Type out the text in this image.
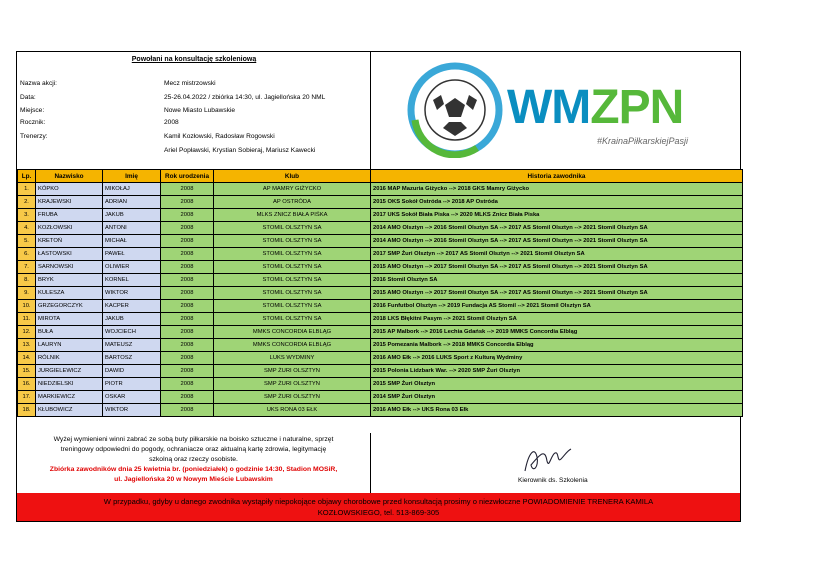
Powołani na konsultację szkoleniową
Nazwa akcji:	Mecz mistrzowski
Data:	25-26.04.2022 / zbiórka 14:30, ul. Jagiellońska 20 NML
Miejsce:	Nowe Miasto Lubawskie
Rocznik:	2008
Trenerzy:	Kamil Kozłowski, Radosław Rogowski
Ariel Popławski, Krystian Sobieraj, Mariusz Kawecki
WMZPN
#KrainaPiłkarskiejPasji
Lp.	Nazwisko	Imię	Rok urodzenia	Klub	Historia zawodnika
1.	KÓPKO	MIKOŁAJ	2008	AP MAMRY GIŻYCKO	2016 MAP Mazuria Giżycko --> 2018 GKS Mamry Giżycko
2.	KRAJEWSKI	ADRIAN	2008	AP OSTRÓDA	2015 OKS Sokół Ostróda --> 2018 AP Ostróda
3.	FRUBA	JAKUB	2008	MLKS ZNICZ BIAŁA PIŚKA	2017 UKS Sokół Biała Piska --> 2020 MLKS Znicz Biała Piska
4.	KOZŁOWSKI	ANTONI	2008	STOMIL OLSZTYN SA	2014 AMO Olsztyn --> 2016 Stomil Olsztyn SA --> 2017 AS Stomil Olsztyn --> 2021 Stomil Olsztyn SA
5.	KRETOŃ	MICHAŁ	2008	STOMIL OLSZTYN SA	2014 AMO Olsztyn --> 2016 Stomil Olsztyn SA --> 2017 AS Stomil Olsztyn --> 2021 Stomil Olsztyn SA
6.	ŁASTOWSKI	PAWEŁ	2008	STOMIL OLSZTYN SA	2017 SMP Żuri Olsztyn --> 2017 AS Stomil Olsztyn --> 2021 Stomil Olsztyn SA
7.	SARNOWSKI	OLIWIER	2008	STOMIL OLSZTYN SA	2015 AMO Olsztyn --> 2017 Stomil Olsztyn SA --> 2017 AS Stomil Olsztyn --> 2021 Stomil Olsztyn SA
8.	BRYK	KORNEL	2008	STOMIL OLSZTYN SA	2016 Stomil Olsztyn SA
9.	KULESZA	WIKTOR	2008	STOMIL OLSZTYN SA	2015 AMO Olsztyn --> 2017 Stomil Olsztyn SA --> 2017 AS Stomil Olsztyn --> 2021 Stomil Olsztyn SA
10.	GRZEGORCZYK	KACPER	2008	STOMIL OLSZTYN SA	2016 Funfutbol Olsztyn --> 2019 Fundacja AS Stomil --> 2021 Stomil Olsztyn SA
11.	MIROTA	JAKUB	2008	STOMIL OLSZTYN SA	2018 LKS Błękitni Pasym --> 2021 Stomil Olsztyn SA
12.	BUŁA	WOJCIECH	2008	MMKS CONCORDIA ELBLĄG	2015 AP Malbork --> 2016 Lechia Gdańsk --> 2019 MMKS Concordia Elbląg
13.	LAURYN	MATEUSZ	2008	MMKS CONCORDIA ELBLĄG	2015 Pomezania Malbork --> 2018 MMKS Concordia Elbląg
14.	RÓLNIK	BARTOSZ	2008	LUKS WYDMINY	2016 AMO Ełk --> 2016 LUKS Sport z Kulturą Wydminy
15.	JURGIELEWICZ	DAWID	2008	SMP ŻURI OLSZTYN	2015 Polonia Lidzbark War. --> 2020 SMP Żuri Olsztyn
16.	NIEDZIELSKI	PIOTR	2008	SMP ŻURI OLSZTYN	2015 SMP Żuri Olsztyn
17.	MARKIEWICZ	OSKAR	2008	SMP ŻURI OLSZTYN	2014 SMP Żuri Olsztyn
18.	KŁUBOWICZ	WIKTOR	2008	UKS RONA 03 EŁK	2016 AMO Ełk --> UKS Rona 03 Ełk

Wyżej wymienieni winni zabrać ze sobą buty piłkarskie na boisko sztuczne i naturalne, sprzęt

treningowy odpowiedni do pogody, ochraniacze oraz aktualną kartę zdrowia, legitymację

szkolną oraz rzeczy osobiste.

Zbiórka zawodników dnia 25 kwietnia br. (poniedziałek) o godzinie 14:30, Stadion MOSiR,

ul. Jagiellońska 20 w Nowym Mieście Lubawskim	Kierownik ds. Szkolenia
W przypadku, gdyby u danego zwodnika wystąpiły niepokojące objawy chorobowe przed konsultacją prosimy o niezwłoczne POWIADOMIENIE TRENERA KAMILA
KOZŁOWSKIEGO, tel. 513-869-305
